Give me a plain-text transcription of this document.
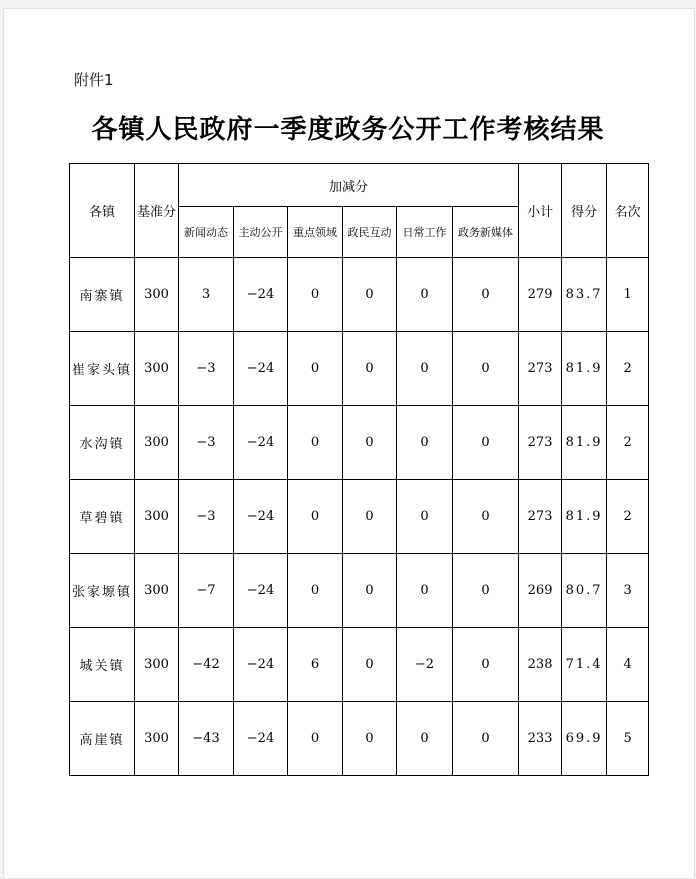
附件1
各镇人民政府一季度政务公开工作考核结果
各镇	基准分	加减分						小计	得分	名次
		新闻动态	主动公开	重点领域	政民互动	日常工作	政务新媒体			
南寨镇	300	3	−24	0	0	0	0	279	83.7	1
崔家头镇	300	−3	−24	0	0	0	0	273	81.9	2
水沟镇	300	−3	−24	0	0	0	0	273	81.9	2
草碧镇	300	−3	−24	0	0	0	0	273	81.9	2
张家塬镇	300	−7	−24	0	0	0	0	269	80.7	3
城关镇	300	−42	−24	6	0	−2	0	238	71.4	4
高崖镇	300	−43	−24	0	0	0	0	233	69.9	5
